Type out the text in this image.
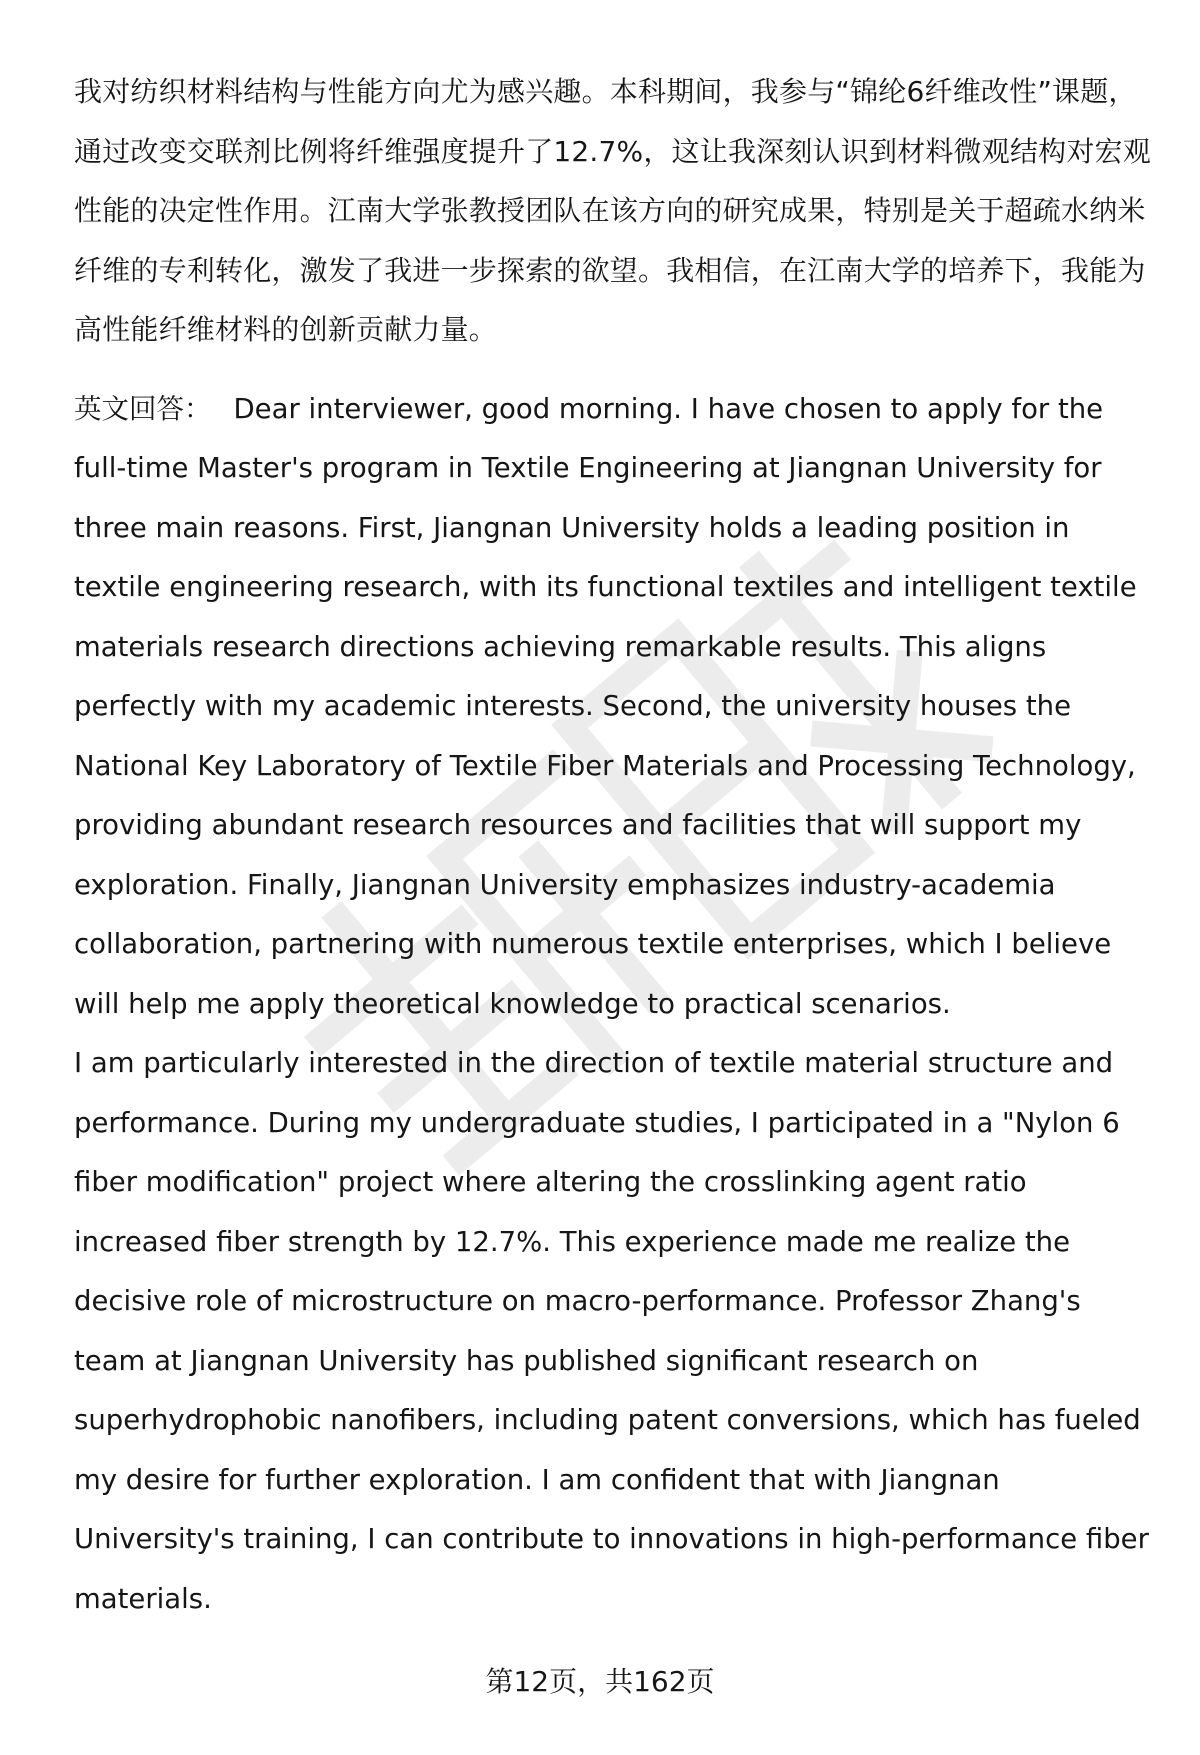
我对纺织材料结构与性能方向尤为感兴趣。本科期间，我参与“锦纶6纤维改性”课题，通过改变交联剂比例将纤维强度提升了12.7%，这让我深刻认识到材料微观结构对宏观性能的决定性作用。江南大学张教授团队在该方向的研究成果，特别是关于超疏水纳米纤维的专利转化，激发了我进一步探索的欲望。我相信，在江南大学的培养下，我能为高性能纤维材料的创新贡献力量。

英文回答： Dear interviewer, good morning. I have chosen to apply for the full-time Master's program in Textile Engineering at Jiangnan University for three main reasons. First, Jiangnan University holds a leading position in textile engineering research, with its functional textiles and intelligent textile materials research directions achieving remarkable results. This aligns perfectly with my academic interests. Second, the university houses the National Key Laboratory of Textile Fiber Materials and Processing Technology, providing abundant research resources and facilities that will support my exploration. Finally, Jiangnan University emphasizes industry-academia collaboration, partnering with numerous textile enterprises, which I believe will help me apply theoretical knowledge to practical scenarios.

I am particularly interested in the direction of textile material structure and performance. During my undergraduate studies, I participated in a "Nylon 6 fiber modification" project where altering the crosslinking agent ratio increased fiber strength by 12.7%. This experience made me realize the decisive role of microstructure on macro-performance. Professor Zhang's team at Jiangnan University has published significant research on superhydrophobic nanofibers, including patent conversions, which has fueled my desire for further exploration. I am confident that with Jiangnan University's training, I can contribute to innovations in high-performance fiber materials.

第12页，共162页
